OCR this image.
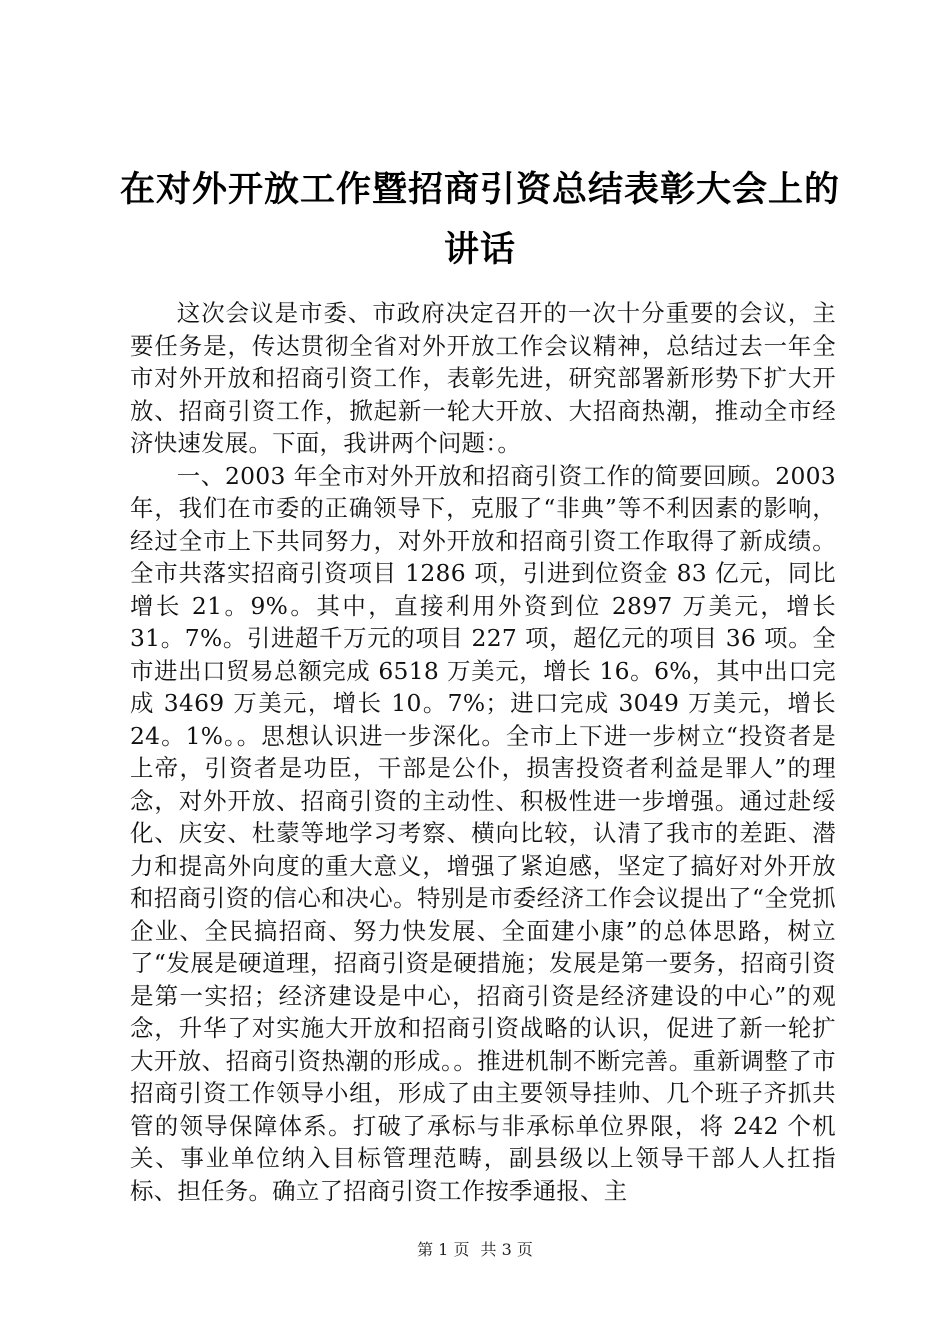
在对外开放工作暨招商引资总结表彰大会上的讲话

这次会议是市委、市政府决定召开的一次十分重要的会议，主要任务是，传达贯彻全省对外开放工作会议精神，总结过去一年全市对外开放和招商引资工作，表彰先进，研究部署新形势下扩大开放、招商引资工作，掀起新一轮大开放、大招商热潮，推动全市经济快速发展。下面，我讲两个问题：。

一、2003 年全市对外开放和招商引资工作的简要回顾。2003 年，我们在市委的正确领导下，克服了“非典”等不利因素的影响，经过全市上下共同努力，对外开放和招商引资工作取得了新成绩。全市共落实招商引资项目 1286 项，引进到位资金 83 亿元，同比增长 21。9%。其中，直接利用外资到位 2897 万美元，增长 31。7%。引进超千万元的项目 227 项，超亿元的项目 36 项。全市进出口贸易总额完成 6518 万美元，增长 16。6%，其中出口完成 3469 万美元，增长 10。7%；进口完成 3049 万美元，增长 24。1%。。思想认识进一步深化。全市上下进一步树立“投资者是上帝，引资者是功臣，干部是公仆，损害投资者利益是罪人”的理念，对外开放、招商引资的主动性、积极性进一步增强。通过赴绥化、庆安、杜蒙等地学习考察、横向比较，认清了我市的差距、潜力和提高外向度的重大意义，增强了紧迫感，坚定了搞好对外开放和招商引资的信心和决心。特别是市委经济工作会议提出了“全党抓企业、全民搞招商、努力快发展、全面建小康”的总体思路，树立了“发展是硬道理，招商引资是硬措施；发展是第一要务，招商引资是第一实招；经济建设是中心，招商引资是经济建设的中心”的观念，升华了对实施大开放和招商引资战略的认识，促进了新一轮扩大开放、招商引资热潮的形成。。推进机制不断完善。重新调整了市招商引资工作领导小组，形成了由主要领导挂帅、几个班子齐抓共管的领导保障体系。打破了承标与非承标单位界限，将 242 个机关、事业单位纳入目标管理范畴，副县级以上领导干部人人扛指标、担任务。确立了招商引资工作按季通报、主

第 1 页 共 3 页
